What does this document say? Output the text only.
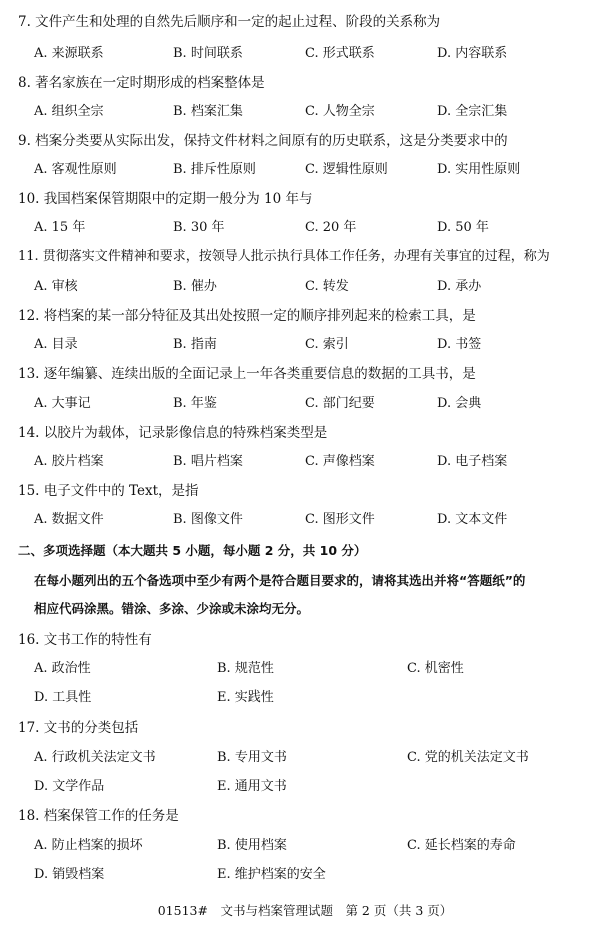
7. 文件产生和处理的自然先后顺序和一定的起止过程、阶段的关系称为
A. 来源联系	B. 时间联系	C. 形式联系	D. 内容联系
8. 著名家族在一定时期形成的档案整体是
A. 组织全宗	B. 档案汇集	C. 人物全宗	D. 全宗汇集
9. 档案分类要从实际出发，保持文件材料之间原有的历史联系，这是分类要求中的
A. 客观性原则	B. 排斥性原则	C. 逻辑性原则	D. 实用性原则
10. 我国档案保管期限中的定期一般分为 10 年与
A. 15 年	B. 30 年	C. 20 年	D. 50 年
11. 贯彻落实文件精神和要求，按领导人批示执行具体工作任务，办理有关事宜的过程，称为
A. 审核	B. 催办	C. 转发	D. 承办
12. 将档案的某一部分特征及其出处按照一定的顺序排列起来的检索工具，是
A. 目录	B. 指南	C. 索引	D. 书签
13. 逐年编纂、连续出版的全面记录上一年各类重要信息的数据的工具书，是
A. 大事记	B. 年鉴	C. 部门纪要	D. 会典
14. 以胶片为载体，记录影像信息的特殊档案类型是
A. 胶片档案	B. 唱片档案	C. 声像档案	D. 电子档案
15. 电子文件中的 Text，是指
A. 数据文件	B. 图像文件	C. 图形文件	D. 文本文件
二、多项选择题（本大题共 5 小题，每小题 2 分，共 10 分）
在每小题列出的五个备选项中至少有两个是符合题目要求的，请将其选出并将“答题纸”的
相应代码涂黑。错涂、多涂、少涂或未涂均无分。
16. 文书工作的特性有
A. 政治性	B. 规范性	C. 机密性
D. 工具性	E. 实践性
17. 文书的分类包括
A. 行政机关法定文书	B. 专用文书	C. 党的机关法定文书
D. 文学作品	E. 通用文书
18. 档案保管工作的任务是
A. 防止档案的损坏	B. 使用档案	C. 延长档案的寿命
D. 销毁档案	E. 维护档案的安全
01513#　文书与档案管理试题　第 2 页（共 3 页）
